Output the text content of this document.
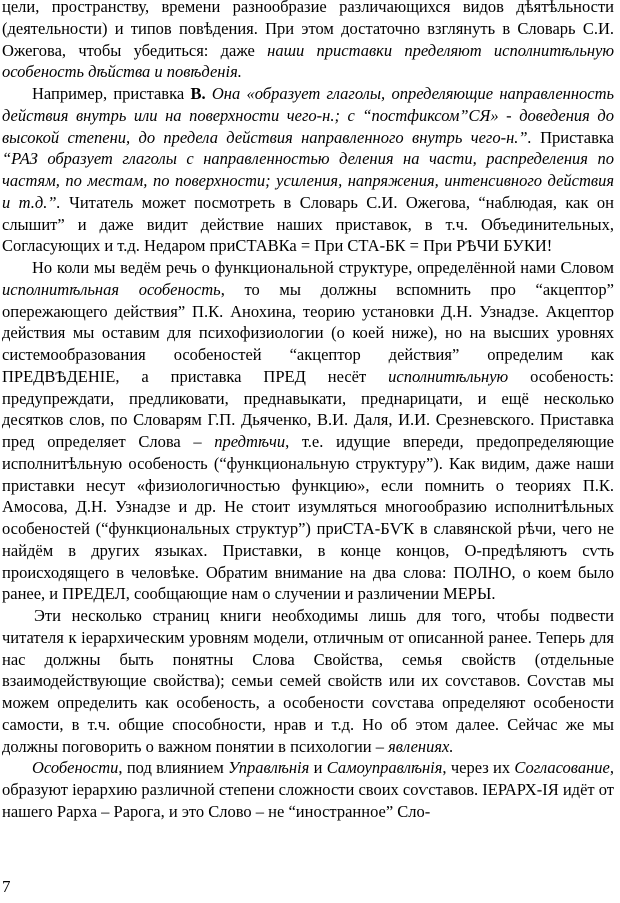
цели, пространству, времени разнообразие различающихся видов дѣятѣльности (деятельности) и типов повѣдения. При этом достаточно взглянуть в Словарь С.И. Ожегова, чтобы убедиться: даже наши приставки пределяют исполнитѣльную особеность дѣйства и повѣденія.

Например, приставка В. Она «образует глаголы, определяющие направленность действия внутрь или на поверхности чего-н.; с “постфиксом”СЯ» - доведения до высокой степени, до предела действия направленного внутрь чего-н.”. Приставка “РАЗ образует глаголы с направленностью деления на части, распределения по частям, по местам, по поверхности; усиления, напряжения, интенсивного действия и т.д.”. Читатель может посмотреть в Словарь С.И. Ожегова, “наблюдая, как он слышит” и даже видит действие наших приставок, в т.ч. Объединительных, Согласующих и т.д. Недаром приСТАВКа = При СТА-БК = При РѢЧИ БУКИ!

Но коли мы ведём речь о функциональной структуре, определённой нами Словом исполнитѣльная особеность, то мы должны вспомнить про “акцептор” опережающего действия” П.К. Анохина, теорию установки Д.Н. Узнадзе. Акцептор действия мы оставим для психофизиологии (о коей ниже), но на высших уровнях системообразования особеностей “акцептор действия” определим как ПРЕДВѢДЕНІЕ, а приставка ПРЕД несёт исполнитѣльную особеность: предупреждати, предликовати, преднавыкати, преднарицати, и ещё несколько десятков слов, по Словарям Г.П. Дьяченко, В.И. Даля, И.И. Срезневского. Приставка пред определяет Слова – предтѣчи, т.е. идущие впереди, предопределяющие исполнитѣльную особеность (“функциональную структуру”). Как видим, даже наши приставки несут «физиологичностью функцию», если помнить о теориях П.К. Амосова, Д.Н. Узнадзе и др. Не стоит изумляться многообразию исполнитѣльных особеностей (“функциональных структур”) приСТА-БѴК в славянской рѣчи, чего не найдём в других языках. Приставки, в конце концов, О-предѣляютъ сѵть происходящего в человѣке. Обратим внимание на два слова: ПОЛНО, о коем было ранее, и ПРЕДЕЛ, сообщающие нам о случении и различении МЕРЫ.

Эти несколько страниц книги необходимы лишь для того, чтобы подвести читателя к іерархическим уровням модели, отличным от описанной ранее. Теперь для нас должны быть понятны Слова Свойства, семья свойств (отдельные взаимодействующие свойства); семьи семей свойств или их соѵставов. Соѵстав мы можем определить как особеность, а особености соѵстава определяют особености самости, в т.ч. общие способности, нрав и т.д. Но об этом далее. Сейчас же мы должны поговорить о важном понятии в психологии – явлениях.

Особености, под влиянием Управлѣнія и Самоуправлѣнія, через их Согласование, образуют іерархию различной степени сложности своих соѵставов. ІЕРАРХ-ІЯ идёт от нашего Рарха – Рарога, и это Слово – не “иностранное” Сло-

7
